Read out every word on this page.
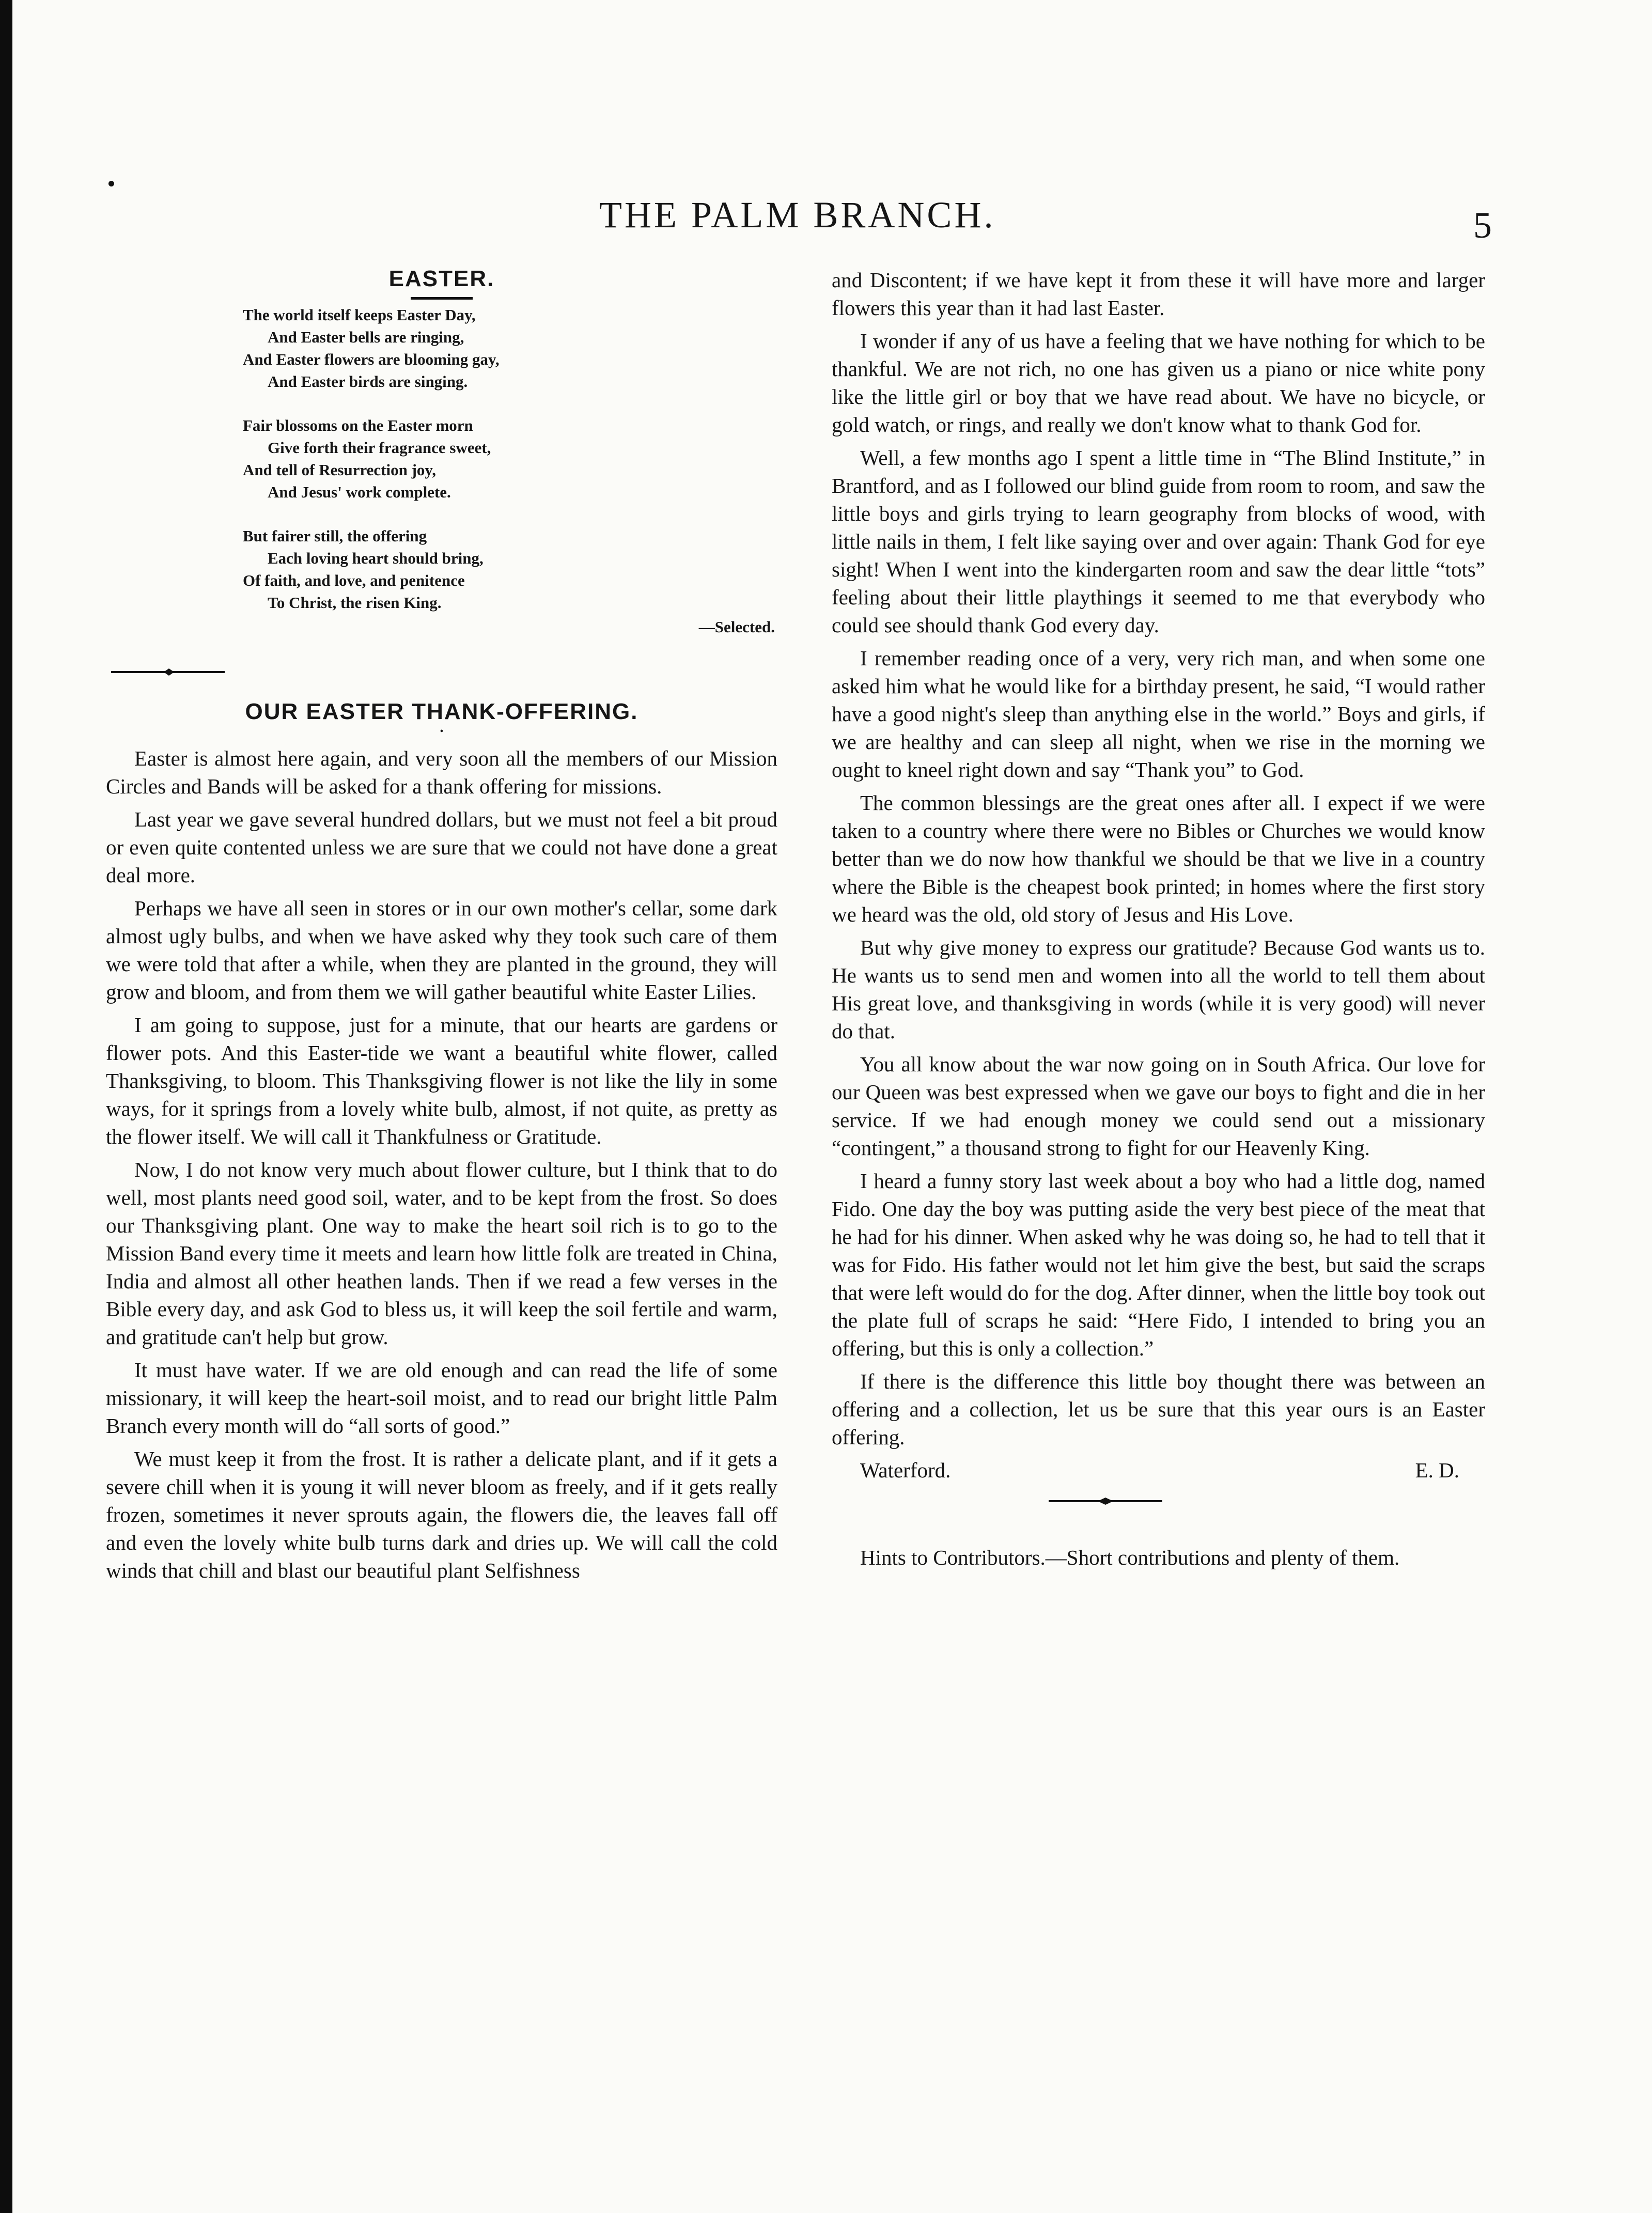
THE PALM BRANCH.	5
EASTER.
The world itself keeps Easter Day,
And Easter bells are ringing,
And Easter flowers are blooming gay,
And Easter birds are singing.
Fair blossoms on the Easter morn
Give forth their fragrance sweet,
And tell of Resurrection joy,
And Jesus' work complete.
But fairer still, the offering
Each loving heart should bring,
Of faith, and love, and penitence
To Christ, the risen King.
—Selected.
OUR EASTER THANK-OFFERING.
•

Easter is almost here again, and very soon all the members of our Mission Circles and Bands will be asked for a thank offering for missions.

Last year we gave several hundred dollars, but we must not feel a bit proud or even quite contented unless we are sure that we could not have done a great deal more.

Perhaps we have all seen in stores or in our own mother's cellar, some dark almost ugly bulbs, and when we have asked why they took such care of them we were told that after a while, when they are planted in the ground, they will grow and bloom, and from them we will gather beautiful white Easter Lilies.

I am going to suppose, just for a minute, that our hearts are gardens or flower pots. And this Easter-tide we want a beautiful white flower, called Thanksgiving, to bloom. This Thanksgiving flower is not like the lily in some ways, for it springs from a lovely white bulb, almost, if not quite, as pretty as the flower itself. We will call it Thankfulness or Gratitude.

Now, I do not know very much about flower culture, but I think that to do well, most plants need good soil, water, and to be kept from the frost. So does our Thanksgiving plant. One way to make the heart soil rich is to go to the Mission Band every time it meets and learn how little folk are treated in China, India and almost all other heathen lands. Then if we read a few verses in the Bible every day, and ask God to bless us, it will keep the soil fertile and warm, and gratitude can't help but grow.

It must have water. If we are old enough and can read the life of some missionary, it will keep the heart-soil moist, and to read our bright little Palm Branch every month will do “all sorts of good.”

We must keep it from the frost. It is rather a delicate plant, and if it gets a severe chill when it is young it will never bloom as freely, and if it gets really frozen, sometimes it never sprouts again, the flowers die, the leaves fall off and even the lovely white bulb turns dark and dries up. We will call the cold winds that chill and blast our beautiful plant Selfishness

and Discontent; if we have kept it from these it will have more and larger flowers this year than it had last Easter.

I wonder if any of us have a feeling that we have nothing for which to be thankful. We are not rich, no one has given us a piano or nice white pony like the little girl or boy that we have read about. We have no bicycle, or gold watch, or rings, and really we don't know what to thank God for.

Well, a few months ago I spent a little time in “The Blind Institute,” in Brantford, and as I followed our blind guide from room to room, and saw the little boys and girls trying to learn geography from blocks of wood, with little nails in them, I felt like saying over and over again: Thank God for eye sight! When I went into the kindergarten room and saw the dear little “tots” feeling about their little playthings it seemed to me that everybody who could see should thank God every day.

I remember reading once of a very, very rich man, and when some one asked him what he would like for a birthday present, he said, “I would rather have a good night's sleep than anything else in the world.” Boys and girls, if we are healthy and can sleep all night, when we rise in the morning we ought to kneel right down and say “Thank you” to God.

The common blessings are the great ones after all. I expect if we were taken to a country where there were no Bibles or Churches we would know better than we do now how thankful we should be that we live in a country where the Bible is the cheapest book printed; in homes where the first story we heard was the old, old story of Jesus and His Love.

But why give money to express our gratitude? Because God wants us to. He wants us to send men and women into all the world to tell them about His great love, and thanksgiving in words (while it is very good) will never do that.

You all know about the war now going on in South Africa. Our love for our Queen was best expressed when we gave our boys to fight and die in her service. If we had enough money we could send out a missionary “contingent,” a thousand strong to fight for our Heavenly King.

I heard a funny story last week about a boy who had a little dog, named Fido. One day the boy was putting aside the very best piece of the meat that he had for his dinner. When asked why he was doing so, he had to tell that it was for Fido. His father would not let him give the best, but said the scraps that were left would do for the dog. After dinner, when the little boy took out the plate full of scraps he said: “Here Fido, I intended to bring you an offering, but this is only a collection.”

If there is the difference this little boy thought there was between an offering and a collection, let us be sure that this year ours is an Easter offering.

Waterford.	E. D.

Hints to Contributors.—Short contributions and plenty of them.
